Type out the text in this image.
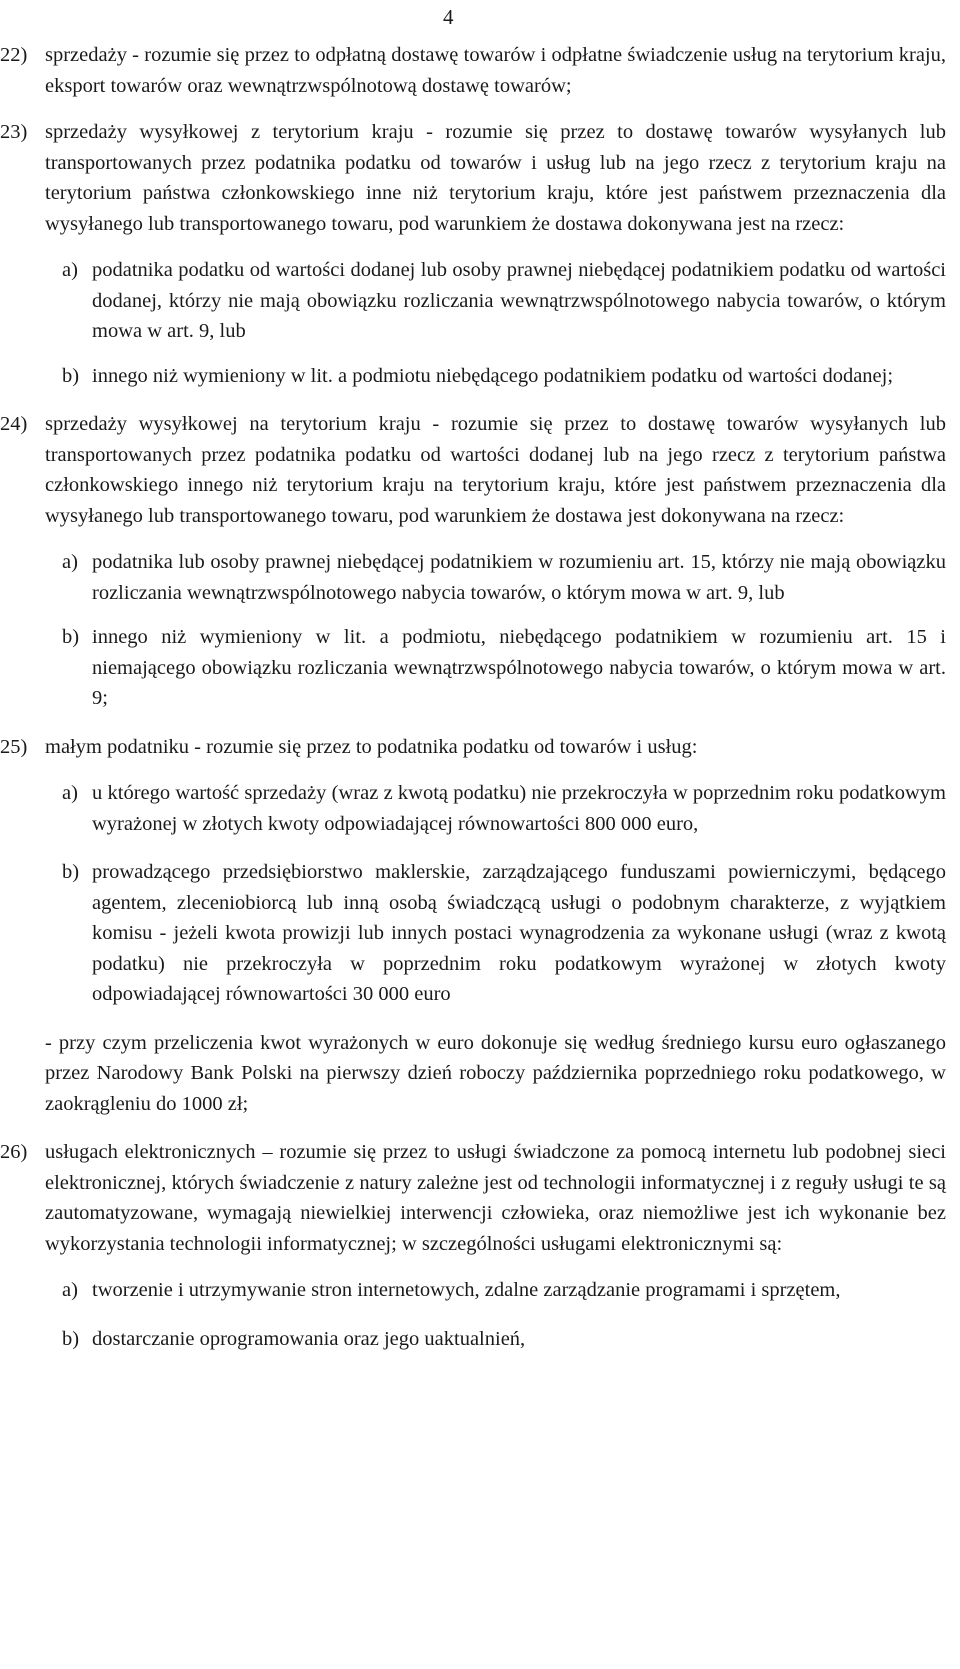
4
22) sprzedaży - rozumie się przez to odpłatną dostawę towarów i odpłatne świadczenie usług na terytorium kraju, eksport towarów oraz wewnątrzwspólnotową dostawę towarów;
23) sprzedaży wysyłkowej z terytorium kraju - rozumie się przez to dostawę towarów wysyłanych lub transportowanych przez podatnika podatku od towarów i usług lub na jego rzecz z terytorium kraju na terytorium państwa członkowskiego inne niż terytorium kraju, które jest państwem przeznaczenia dla wysyłanego lub transportowanego towaru, pod warunkiem że dostawa dokonywana jest na rzecz:
a) podatnika podatku od wartości dodanej lub osoby prawnej niebędącej podatnikiem podatku od wartości dodanej, którzy nie mają obowiązku rozliczania wewnątrzwspólnotowego nabycia towarów, o którym mowa w art. 9, lub
b) innego niż wymieniony w lit. a podmiotu niebędącego podatnikiem podatku od wartości dodanej;
24) sprzedaży wysyłkowej na terytorium kraju - rozumie się przez to dostawę towarów wysyłanych lub transportowanych przez podatnika podatku od wartości dodanej lub na jego rzecz z terytorium państwa członkowskiego innego niż terytorium kraju na terytorium kraju, które jest państwem przeznaczenia dla wysyłanego lub transportowanego towaru, pod warunkiem że dostawa jest dokonywana na rzecz:
a) podatnika lub osoby prawnej niebędącej podatnikiem w rozumieniu art. 15, którzy nie mają obowiązku rozliczania wewnątrzwspólnotowego nabycia towarów, o którym mowa w art. 9, lub
b) innego niż wymieniony w lit. a podmiotu, niebędącego podatnikiem w rozumieniu art. 15 i niemającego obowiązku rozliczania wewnątrzwspólnotowego nabycia towarów, o którym mowa w art. 9;
25) małym podatniku - rozumie się przez to podatnika podatku od towarów i usług:
a) u którego wartość sprzedaży (wraz z kwotą podatku) nie przekroczyła w poprzednim roku podatkowym wyrażonej w złotych kwoty odpowiadającej równowartości 800 000 euro,
b) prowadzącego przedsiębiorstwo maklerskie, zarządzającego funduszami powierniczymi, będącego agentem, zleceniobiorcą lub inną osobą świadczącą usługi o podobnym charakterze, z wyjątkiem komisu - jeżeli kwota prowizji lub innych postaci wynagrodzenia za wykonane usługi (wraz z kwotą podatku) nie przekroczyła w poprzednim roku podatkowym wyrażonej w złotych kwoty odpowiadającej równowartości 30 000 euro
- przy czym przeliczenia kwot wyrażonych w euro dokonuje się według średniego kursu euro ogłaszanego przez Narodowy Bank Polski na pierwszy dzień roboczy października poprzedniego roku podatkowego, w zaokrągleniu do 1000 zł;
26) usługach elektronicznych – rozumie się przez to usługi świadczone za pomocą internetu lub podobnej sieci elektronicznej, których świadczenie z natury zależne jest od technologii informatycznej i z reguły usługi te są zautomatyzowane, wymagają niewielkiej interwencji człowieka, oraz niemożliwe jest ich wykonanie bez wykorzystania technologii informatycznej; w szczególności usługami elektronicznymi są:
a) tworzenie i utrzymywanie stron internetowych, zdalne zarządzanie programami i sprzętem,
b) dostarczanie oprogramowania oraz jego uaktualnień,
